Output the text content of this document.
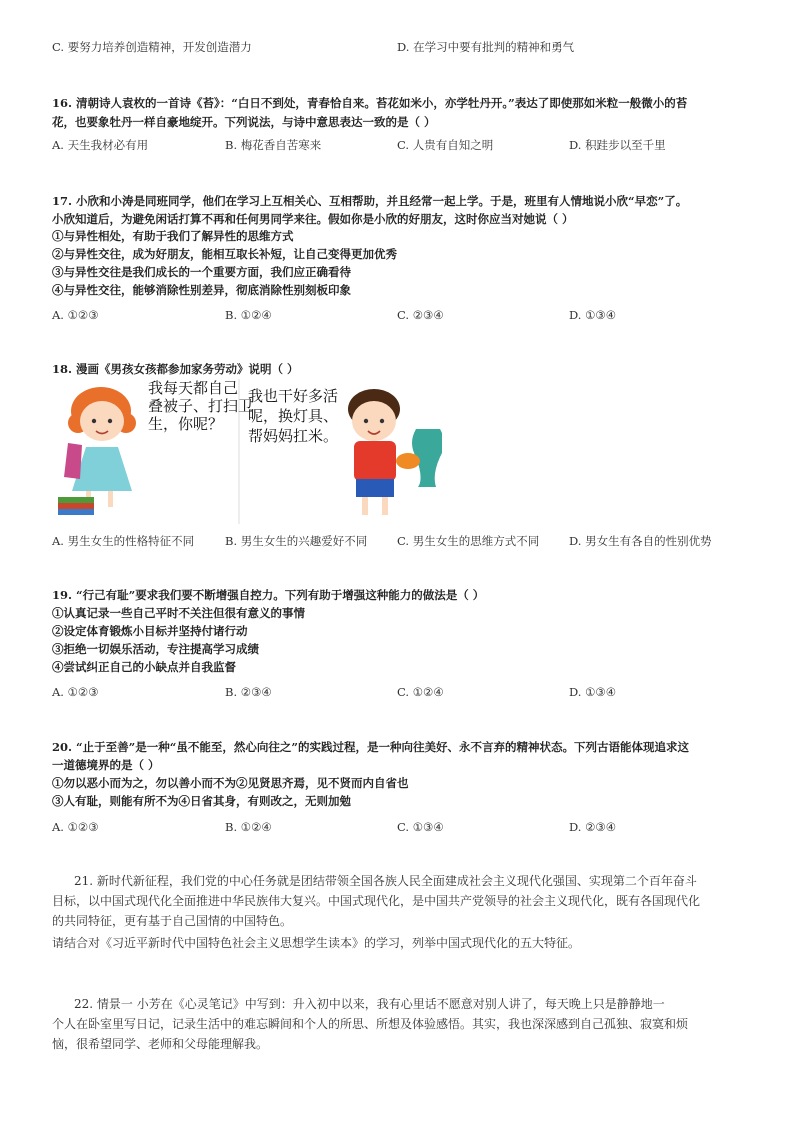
C. 要努力培养创造精神，开发创造潜力	D. 在学习中要有批判的精神和勇气
16. 清朝诗人袁枚的一首诗《苔》：“白日不到处，青春恰自来。苔花如米小，亦学牡丹开。”表达了即使那如米粒一般微小的苔
花，也要象牡丹一样自豪地绽开。下列说法，与诗中意思表达一致的是（ ）
A. 天生我材必有用	B. 梅花香自苦寒来	C. 人贵有自知之明	D. 积跬步以至千里
17. 小欣和小涛是同班同学，他们在学习上互相关心、互相帮助，并且经常一起上学。于是，班里有人情地说小欣“早恋”了。
小欣知道后，为避免闲话打算不再和任何男同学来往。假如你是小欣的好朋友，这时你应当对她说（ ）
①与异性相处，有助于我们了解异性的思维方式
②与异性交往，成为好朋友，能相互取长补短，让自己变得更加优秀
③与异性交往是我们成长的一个重要方面，我们应正确看待
④与异性交往，能够消除性别差异，彻底消除性别刻板印象
A. ①②③	B. ①②④	C. ②③④	D. ①③④
18. 漫画《男孩女孩都参加家务劳动》说明（ ）
我每天都自己
叠被子、打扫卫
生，你呢？
我也干好多活
呢，换灯具、
帮妈妈扛米。
A. 男生女生的性格特征不同	B. 男生女生的兴趣爱好不同	C. 男生女生的思维方式不同	D. 男女生有各自的性别优势
19. “行己有耻”要求我们要不断增强自控力。下列有助于增强这种能力的做法是（ ）
①认真记录一些自己平时不关注但很有意义的事情
②设定体育锻炼小目标并坚持付诸行动
③拒绝一切娱乐活动，专注提高学习成绩
④尝试纠正自己的小缺点并自我监督
A. ①②③	B. ②③④	C. ①②④	D. ①③④
20. “止于至善”是一种“虽不能至，然心向往之”的实践过程，是一种向往美好、永不言弃的精神状态。下列古语能体现追求这
一道德境界的是（ ）
①勿以恶小而为之，勿以善小而不为②见贤思齐焉，见不贤而内自省也
③人有耻，则能有所不为④日省其身，有则改之，无则加勉
A. ①②③	B. ①②④	C. ①③④	D. ②③④
21. 新时代新征程，我们党的中心任务就是团结带领全国各族人民全面建成社会主义现代化强国、实现第二个百年奋斗
目标，以中国式现代化全面推进中华民族伟大复兴。中国式现代化，是中国共产党领导的社会主义现代化，既有各国现代化
的共同特征，更有基于自己国情的中国特色。
请结合对《习近平新时代中国特色社会主义思想学生读本》的学习，列举中国式现代化的五大特征。
22. 情景一 小芳在《心灵笔记》中写到：升入初中以来，我有心里话不愿意对别人讲了，每天晚上只是静静地一
个人在卧室里写日记，记录生活中的难忘瞬间和个人的所思、所想及体验感悟。其实，我也深深感到自己孤独、寂寞和烦
恼，很希望同学、老师和父母能理解我。
